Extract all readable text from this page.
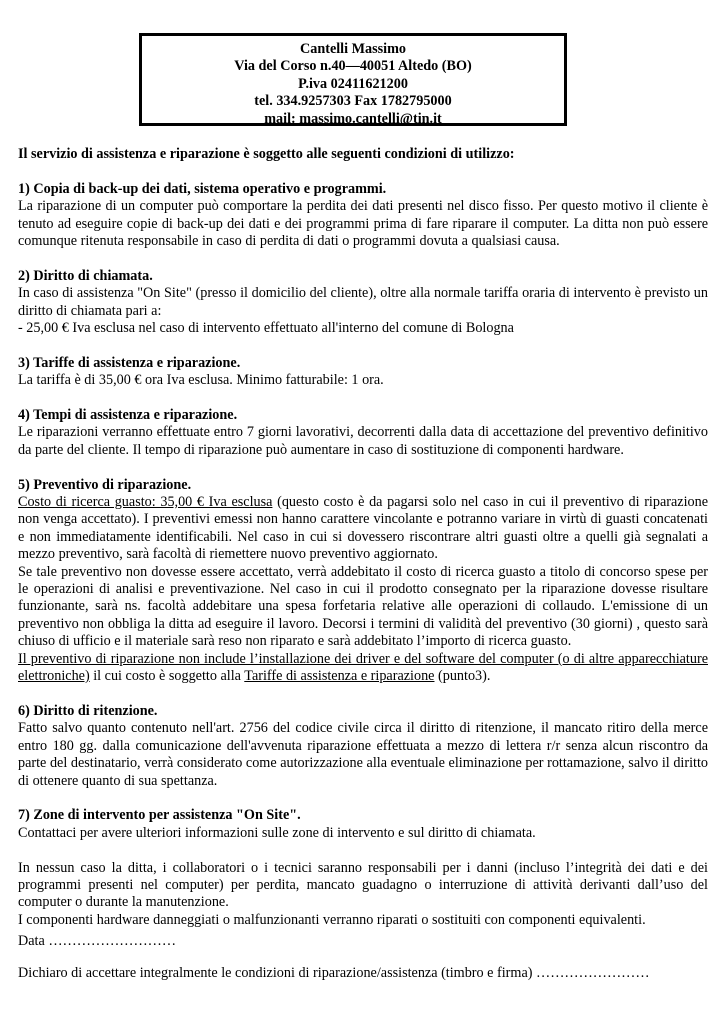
Cantelli Massimo
Via del Corso n.40—40051 Altedo (BO)
P.iva 02411621200
tel. 334.9257303 Fax 1782795000
mail: massimo.cantelli@tin.it

Il servizio di assistenza e riparazione è soggetto alle seguenti condizioni di utilizzo:

1) Copia di back-up dei dati, sistema operativo e programmi.

La riparazione di un computer può comportare la perdita dei dati presenti nel disco fisso. Per questo motivo il cliente è tenuto ad eseguire copie di back-up dei dati e dei programmi prima di fare riparare il computer. La ditta non può essere comunque ritenuta responsabile in caso di perdita di dati o programmi dovuta a qualsiasi causa.

2) Diritto di chiamata.

In caso di assistenza "On Site" (presso il domicilio del cliente), oltre alla normale tariffa oraria di intervento è previsto un diritto di chiamata pari a:

- 25,00 € Iva esclusa nel caso di intervento effettuato all'interno del comune di Bologna

3) Tariffe di assistenza e riparazione.

La tariffa è di 35,00 € ora Iva esclusa. Minimo fatturabile: 1 ora.

4) Tempi di assistenza e riparazione.

Le riparazioni verranno effettuate entro 7 giorni lavorativi, decorrenti dalla data di accettazione del preventivo definitivo da parte del cliente. Il tempo di riparazione può aumentare in caso di sostituzione di componenti hardware.

5) Preventivo di riparazione.

Costo di ricerca guasto: 35,00 € Iva esclusa (questo costo è da pagarsi solo nel caso in cui il preventivo di riparazione non venga accettato). I preventivi emessi non hanno carattere vincolante e potranno variare in virtù di guasti concatenati e non immediatamente identificabili. Nel caso in cui si dovessero riscontrare altri guasti oltre a quelli già segnalati a mezzo preventivo, sarà facoltà di riemettere nuovo preventivo aggiornato.

Se tale preventivo non dovesse essere accettato, verrà addebitato il costo di ricerca guasto a titolo di concorso spese per le operazioni di analisi e preventivazione. Nel caso in cui il prodotto consegnato per la riparazione dovesse risultare funzionante, sarà ns. facoltà addebitare una spesa forfetaria relative alle operazioni di collaudo. L'emissione di un preventivo non obbliga la ditta ad eseguire il lavoro. Decorsi i termini di validità del preventivo (30 giorni) , questo sarà chiuso di ufficio e il materiale sarà reso non riparato e sarà addebitato l’importo di ricerca guasto.

Il preventivo di riparazione non include l’installazione dei driver e del software del computer (o di altre apparecchiature elettroniche) il cui costo è soggetto alla Tariffe di assistenza e riparazione (punto3).

6) Diritto di ritenzione.

Fatto salvo quanto contenuto nell'art. 2756 del codice civile circa il diritto di ritenzione, il mancato ritiro della merce entro 180 gg. dalla comunicazione dell'avvenuta riparazione effettuata a mezzo di lettera r/r senza alcun riscontro da parte del destinatario, verrà considerato come autorizzazione alla eventuale eliminazione per rottamazione, salvo il diritto di ottenere quanto di sua spettanza.

7) Zone di intervento per assistenza "On Site".

Contattaci per avere ulteriori informazioni sulle zone di intervento e sul diritto di chiamata.

In nessun caso la ditta, i collaboratori o i tecnici saranno responsabili per i danni (incluso l’integrità dei dati e dei programmi presenti nel computer) per perdita, mancato guadagno o interruzione di attività derivanti dall’uso del computer o durante la manutenzione.

I componenti hardware danneggiati o malfunzionanti verranno riparati o sostituiti con componenti equivalenti.

Data ………………………
Dichiaro di accettare integralmente le condizioni di riparazione/assistenza (timbro e firma) ……………………
